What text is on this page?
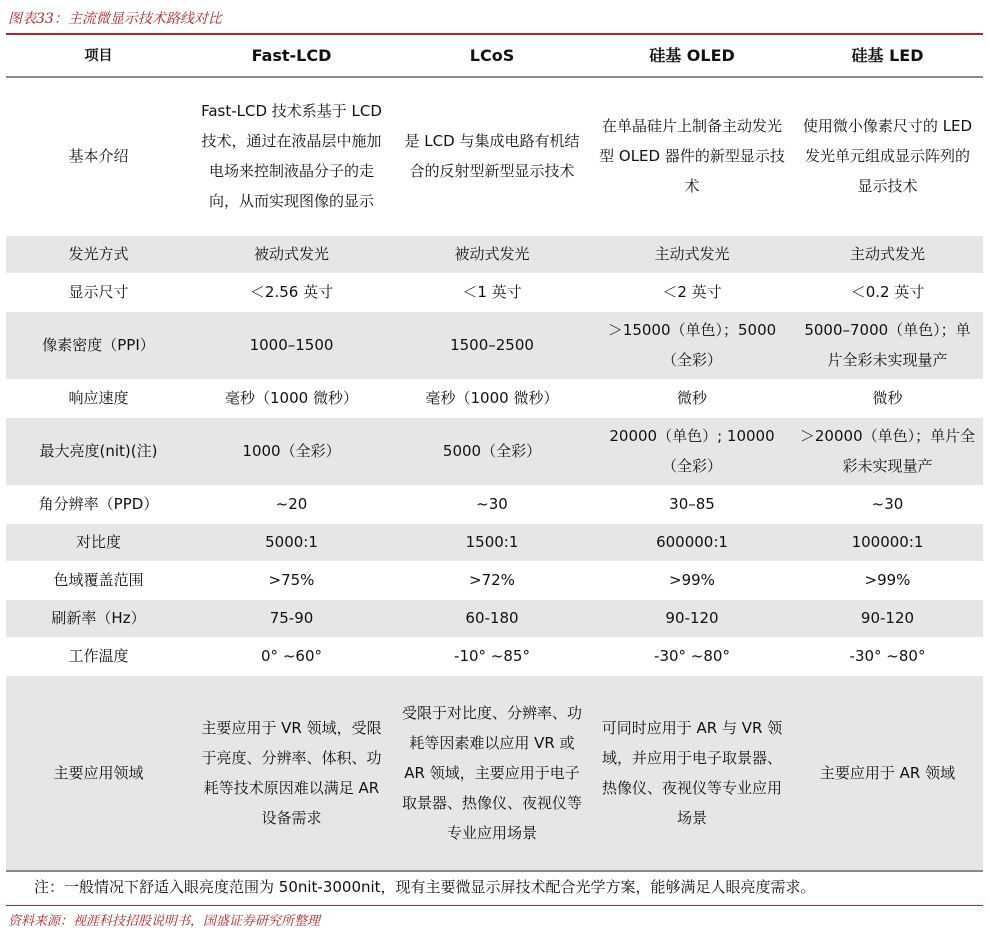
图表33：主流微显示技术路线对比
项目	Fast-LCD	LCoS	硅基 OLED	硅基 LED
基本介绍	Fast-LCD 技术系基于 LCD 技术，通过在液晶层中施加电场来控制液晶分子的走向，从而实现图像的显示	是 LCD 与集成电路有机结合的反射型新型显示技术	在单晶硅片上制备主动发光型 OLED 器件的新型显示技术	使用微小像素尺寸的 LED 发光单元组成显示阵列的显示技术
发光方式	被动式发光	被动式发光	主动式发光	主动式发光
显示尺寸	＜2.56 英寸	＜1 英寸	＜2 英寸	＜0.2 英寸
像素密度（PPI）	1000–1500	1500–2500	＞15000（单色）；5000（全彩）	5000–7000（单色）；单片全彩未实现量产
响应速度	毫秒（1000 微秒）	毫秒（1000 微秒）	微秒	微秒
最大亮度(nit)(注)	1000（全彩）	5000（全彩）	20000（单色）; 10000（全彩）	＞20000（单色）；单片全彩未实现量产
角分辨率（PPD）	~20	~30	30–85	~30
对比度	5000:1	1500:1	600000:1	100000:1
色域覆盖范围	>75%	>72%	>99%	>99%
刷新率（Hz）	75-90	60-180	90-120	90-120
工作温度	0° ~60°	-10° ~85°	-30° ~80°	-30° ~80°
主要应用领域	主要应用于 VR 领域，受限于亮度、分辨率、体积、功耗等技术原因难以满足 AR 设备需求	受限于对比度、分辨率、功耗等因素难以应用 VR 或 AR 领域，主要应用于电子取景器、热像仪、夜视仪等专业应用场景	可同时应用于 AR 与 VR 领域，并应用于电子取景器、热像仪、夜视仪等专业应用场景	主要应用于 AR 领域
注：一般情况下舒适入眼亮度范围为 50nit-3000nit，现有主要微显示屏技术配合光学方案，能够满足人眼亮度需求。
资料来源：视涯科技招股说明书，国盛证券研究所整理
